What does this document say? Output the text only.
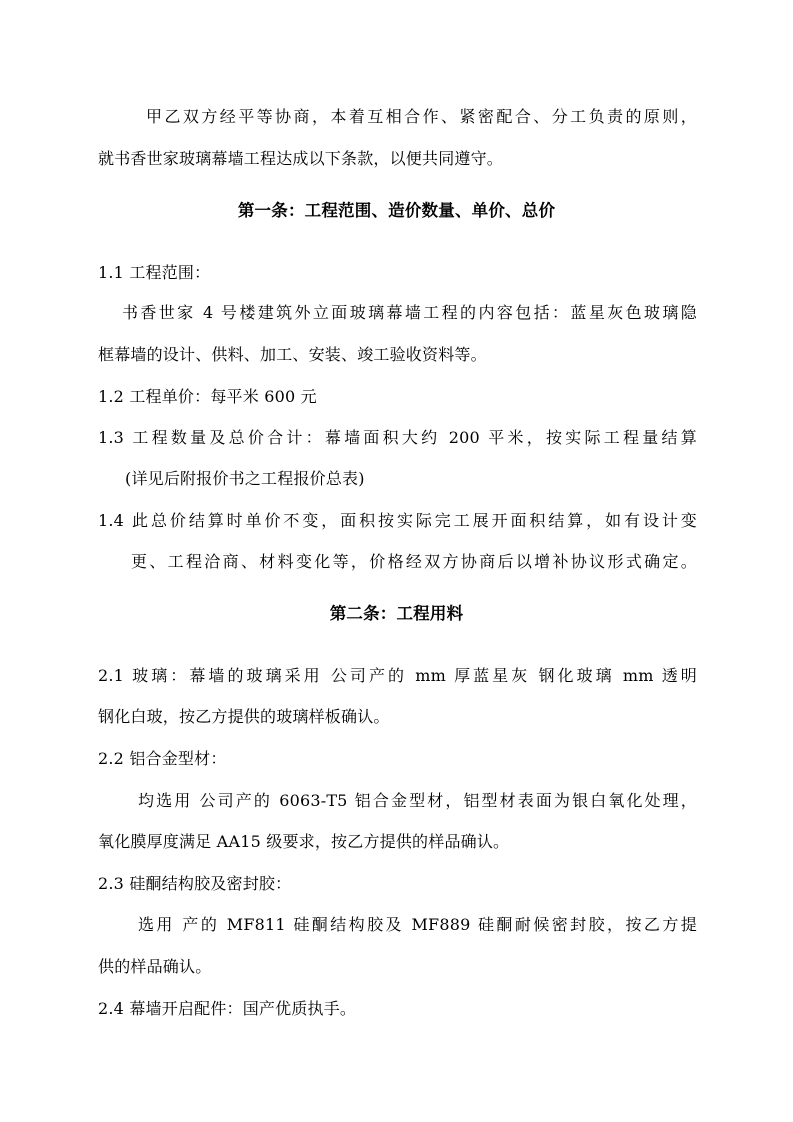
甲乙双方经平等协商，本着互相合作、紧密配合、分工负责的原则，
就书香世家玻璃幕墙工程达成以下条款，以便共同遵守。
第一条：工程范围、造价数量、单价、总价
1.1 工程范围：
书香世家 4 号楼建筑外立面玻璃幕墙工程的内容包括：蓝星灰色玻璃隐
框幕墙的设计、供料、加工、安装、竣工验收资料等。
1.2 工程单价：每平米 600 元
1.3 工程数量及总价合计：幕墙面积大约 200 平米，按实际工程量结算
(详见后附报价书之工程报价总表)
1.4 此总价结算时单价不变，面积按实际完工展开面积结算，如有设计变
更、工程洽商、材料变化等，价格经双方协商后以增补协议形式确定。
第二条：工程用料
2.1 玻璃：幕墙的玻璃采用 公司产的 mm 厚蓝星灰 钢化玻璃 mm 透明
钢化白玻，按乙方提供的玻璃样板确认。
2.2 铝合金型材：
均选用 公司产的 6063-T5 铝合金型材，铝型材表面为银白氧化处理，
氧化膜厚度满足 AA15 级要求，按乙方提供的样品确认。
2.3 硅酮结构胶及密封胶：
选用 产的 MF811 硅酮结构胶及 MF889 硅酮耐候密封胶，按乙方提
供的样品确认。
2.4 幕墙开启配件：国产优质执手。
